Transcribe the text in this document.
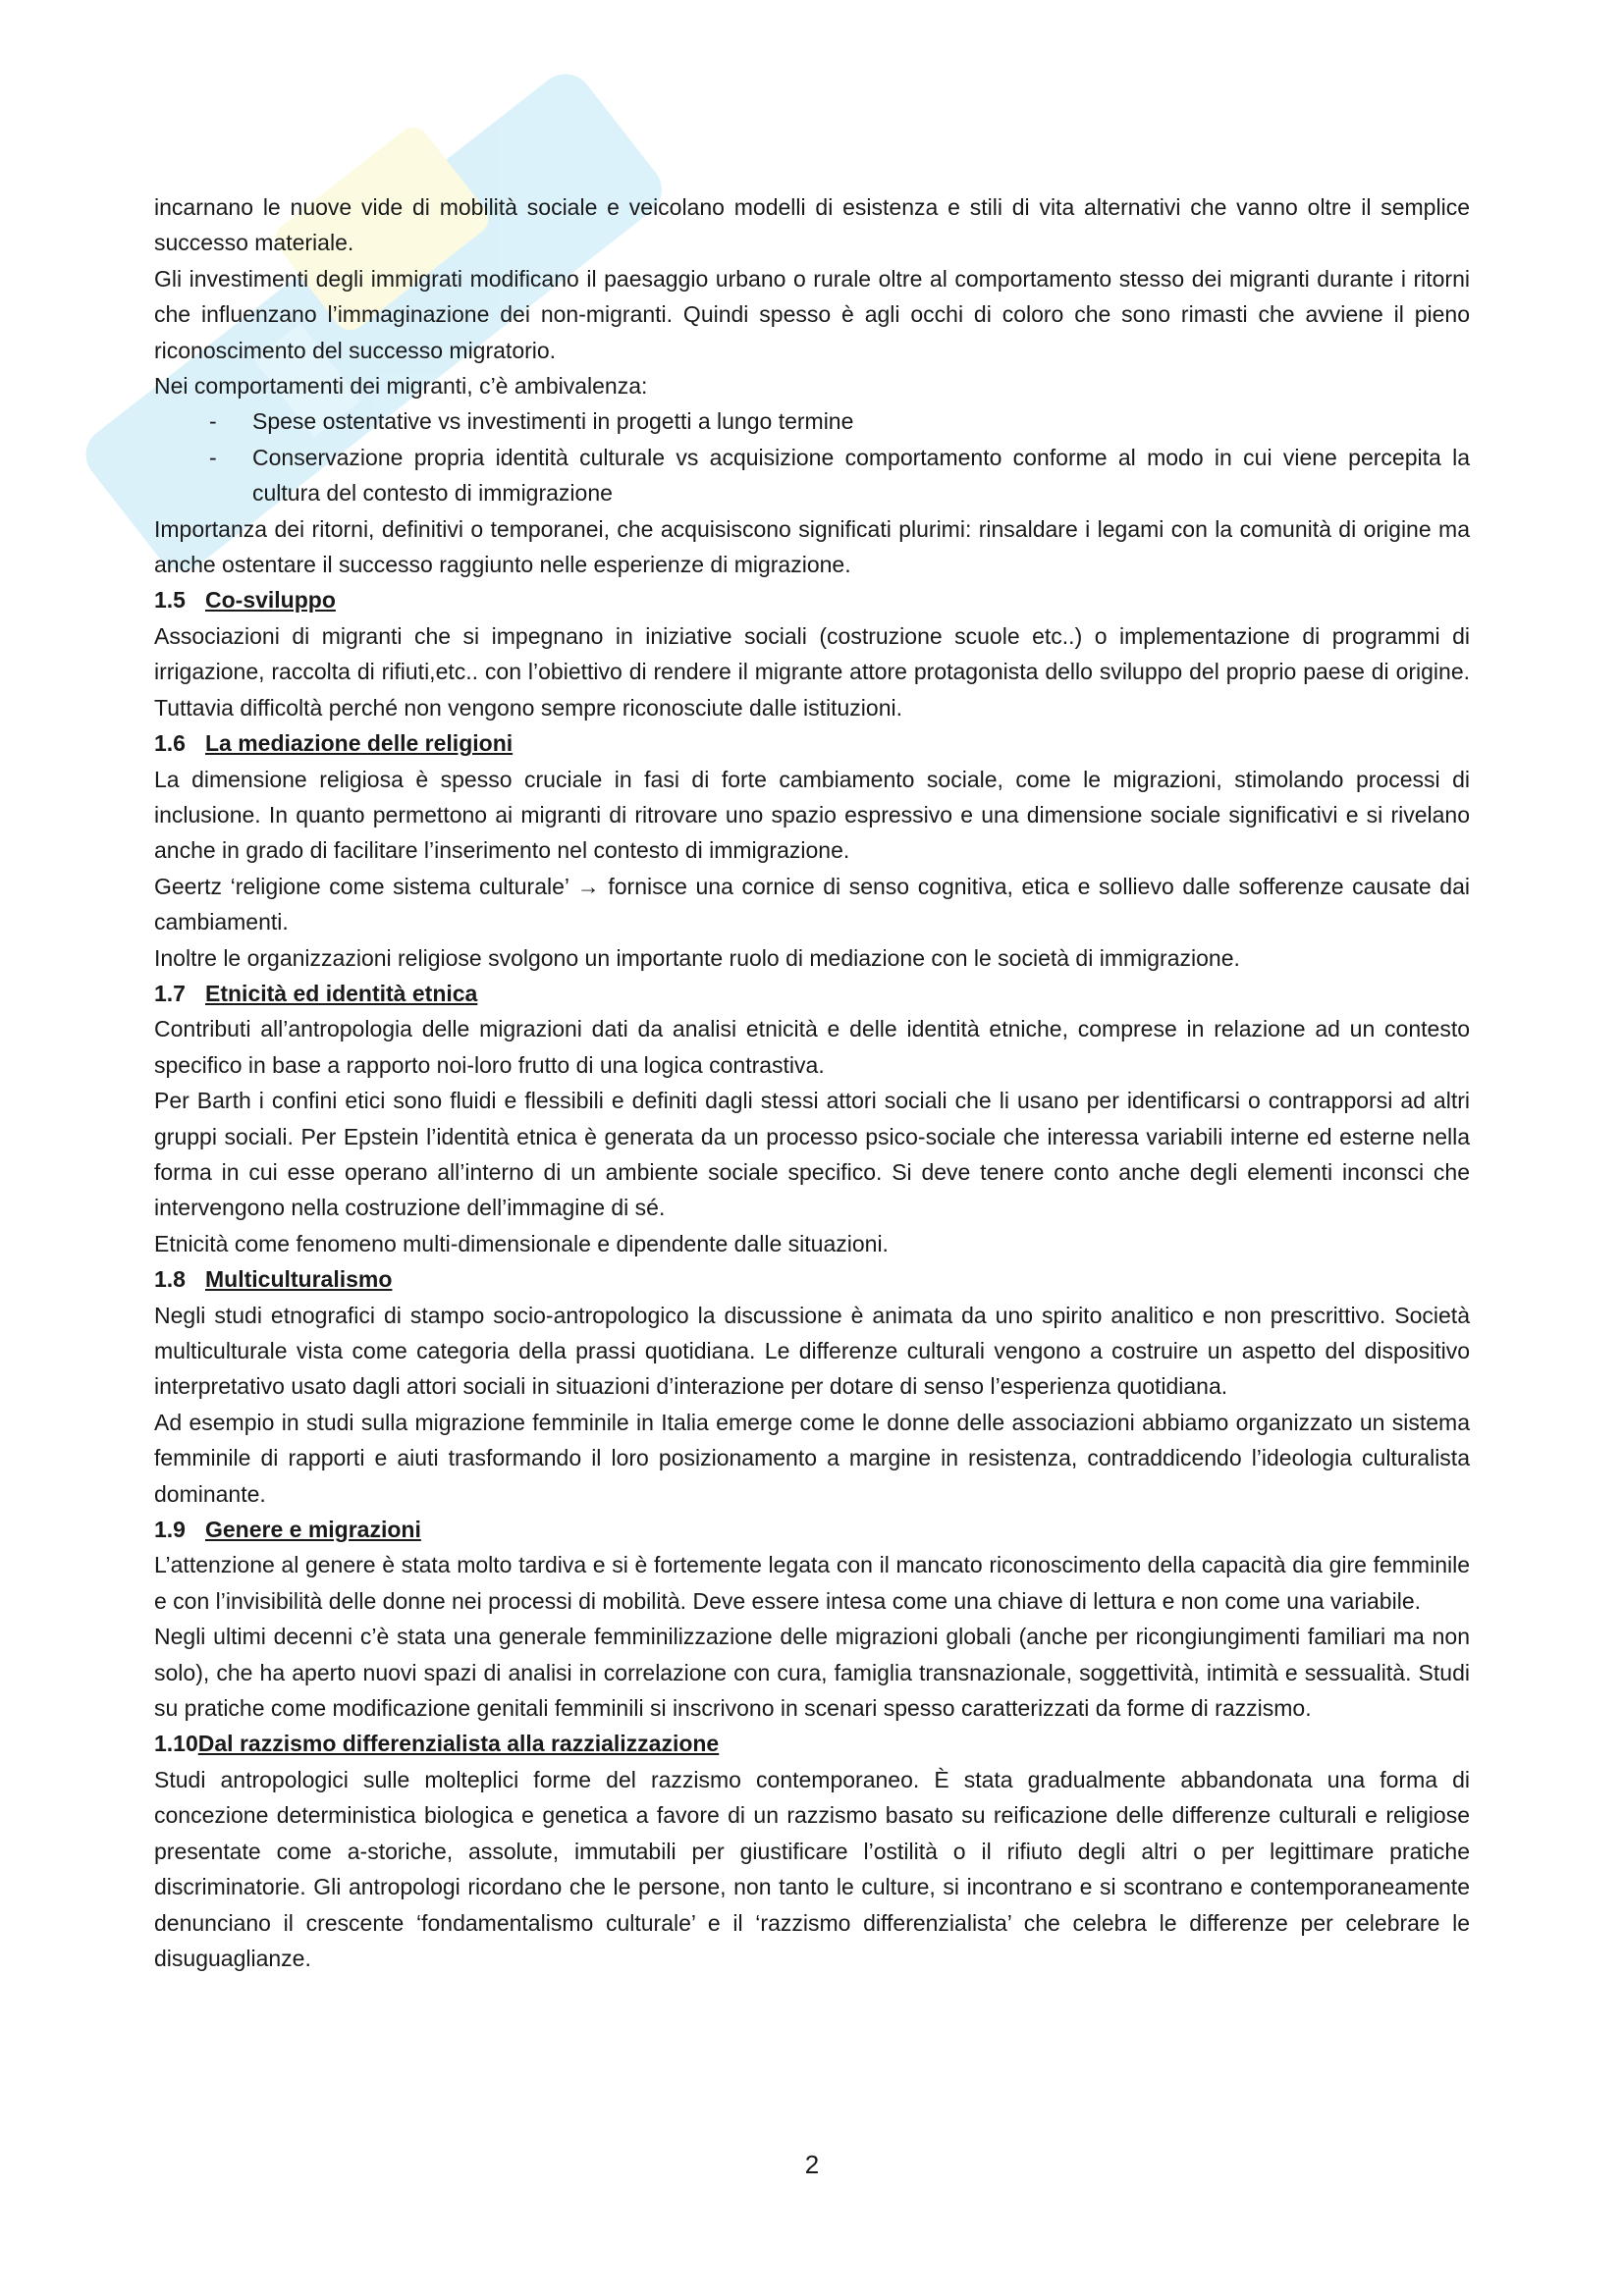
incarnano le nuove vide di mobilità sociale e veicolano modelli di esistenza e stili di vita alternativi che vanno oltre il semplice successo materiale.

Gli investimenti degli immigrati modificano il paesaggio urbano o rurale oltre al comportamento stesso dei migranti durante i ritorni che influenzano l’immaginazione dei non-migranti. Quindi spesso è agli occhi di coloro che sono rimasti che avviene il pieno riconoscimento del successo migratorio.

Nei comportamenti dei migranti, c’è ambivalenza:

- Spese ostentative vs investimenti in progetti a lungo termine
- Conservazione propria identità culturale vs acquisizione comportamento conforme al modo in cui viene percepita la cultura del contesto di immigrazione

Importanza dei ritorni, definitivi o temporanei, che acquisiscono significati plurimi: rinsaldare i legami con la comunità di origine ma anche ostentare il successo raggiunto nelle esperienze di migrazione.

1.5 Co-sviluppo

Associazioni di migranti che si impegnano in iniziative sociali (costruzione scuole etc..) o implementazione di programmi di irrigazione, raccolta di rifiuti,etc.. con l’obiettivo di rendere il migrante attore protagonista dello sviluppo del proprio paese di origine. Tuttavia difficoltà perché non vengono sempre riconosciute dalle istituzioni.

1.6 La mediazione delle religioni

La dimensione religiosa è spesso cruciale in fasi di forte cambiamento sociale, come le migrazioni, stimolando processi di inclusione. In quanto permettono ai migranti di ritrovare uno spazio espressivo e una dimensione sociale significativi e si rivelano anche in grado di facilitare l’inserimento nel contesto di immigrazione.

Geertz ‘religione come sistema culturale’ → fornisce una cornice di senso cognitiva, etica e sollievo dalle sofferenze causate dai cambiamenti.

Inoltre le organizzazioni religiose svolgono un importante ruolo di mediazione con le società di immigrazione.

1.7 Etnicità ed identità etnica

Contributi all’antropologia delle migrazioni dati da analisi etnicità e delle identità etniche, comprese in relazione ad un contesto specifico in base a rapporto noi-loro frutto di una logica contrastiva.

Per Barth i confini etici sono fluidi e flessibili e definiti dagli stessi attori sociali che li usano per identificarsi o contrapporsi ad altri gruppi sociali. Per Epstein l’identità etnica è generata da un processo psico-sociale che interessa variabili interne ed esterne nella forma in cui esse operano all’interno di un ambiente sociale specifico. Si deve tenere conto anche degli elementi inconsci che intervengono nella costruzione dell’immagine di sé.

Etnicità come fenomeno multi-dimensionale e dipendente dalle situazioni.

1.8 Multiculturalismo

Negli studi etnografici di stampo socio-antropologico la discussione è animata da uno spirito analitico e non prescrittivo. Società multiculturale vista come categoria della prassi quotidiana. Le differenze culturali vengono a costruire un aspetto del dispositivo interpretativo usato dagli attori sociali in situazioni d’interazione per dotare di senso l’esperienza quotidiana.

Ad esempio in studi sulla migrazione femminile in Italia emerge come le donne delle associazioni abbiamo organizzato un sistema femminile di rapporti e aiuti trasformando il loro posizionamento a margine in resistenza, contraddicendo l’ideologia culturalista dominante.

1.9 Genere e migrazioni

L’attenzione al genere è stata molto tardiva e si è fortemente legata con il mancato riconoscimento della capacità dia gire femminile e con l’invisibilità delle donne nei processi di mobilità. Deve essere intesa come una chiave di lettura e non come una variabile.

Negli ultimi decenni c’è stata una generale femminilizzazione delle migrazioni globali (anche per ricongiungimenti familiari ma non solo), che ha aperto nuovi spazi di analisi in correlazione con cura, famiglia transnazionale, soggettività, intimità e sessualità. Studi su pratiche come modificazione genitali femminili si inscrivono in scenari spesso caratterizzati da forme di razzismo.

1.10 Dal razzismo differenzialista alla razzializzazione

Studi antropologici sulle molteplici forme del razzismo contemporaneo. È stata gradualmente abbandonata una forma di concezione deterministica biologica e genetica a favore di un razzismo basato su reificazione delle differenze culturali e religiose presentate come a-storiche, assolute, immutabili per giustificare l’ostilità o il rifiuto degli altri o per legittimare pratiche discriminatorie. Gli antropologi ricordano che le persone, non tanto le culture, si incontrano e si scontrano e contemporaneamente denunciano il crescente ‘fondamentalismo culturale’ e il ‘razzismo differenzialista’ che celebra le differenze per celebrare le disuguaglianze.

2
